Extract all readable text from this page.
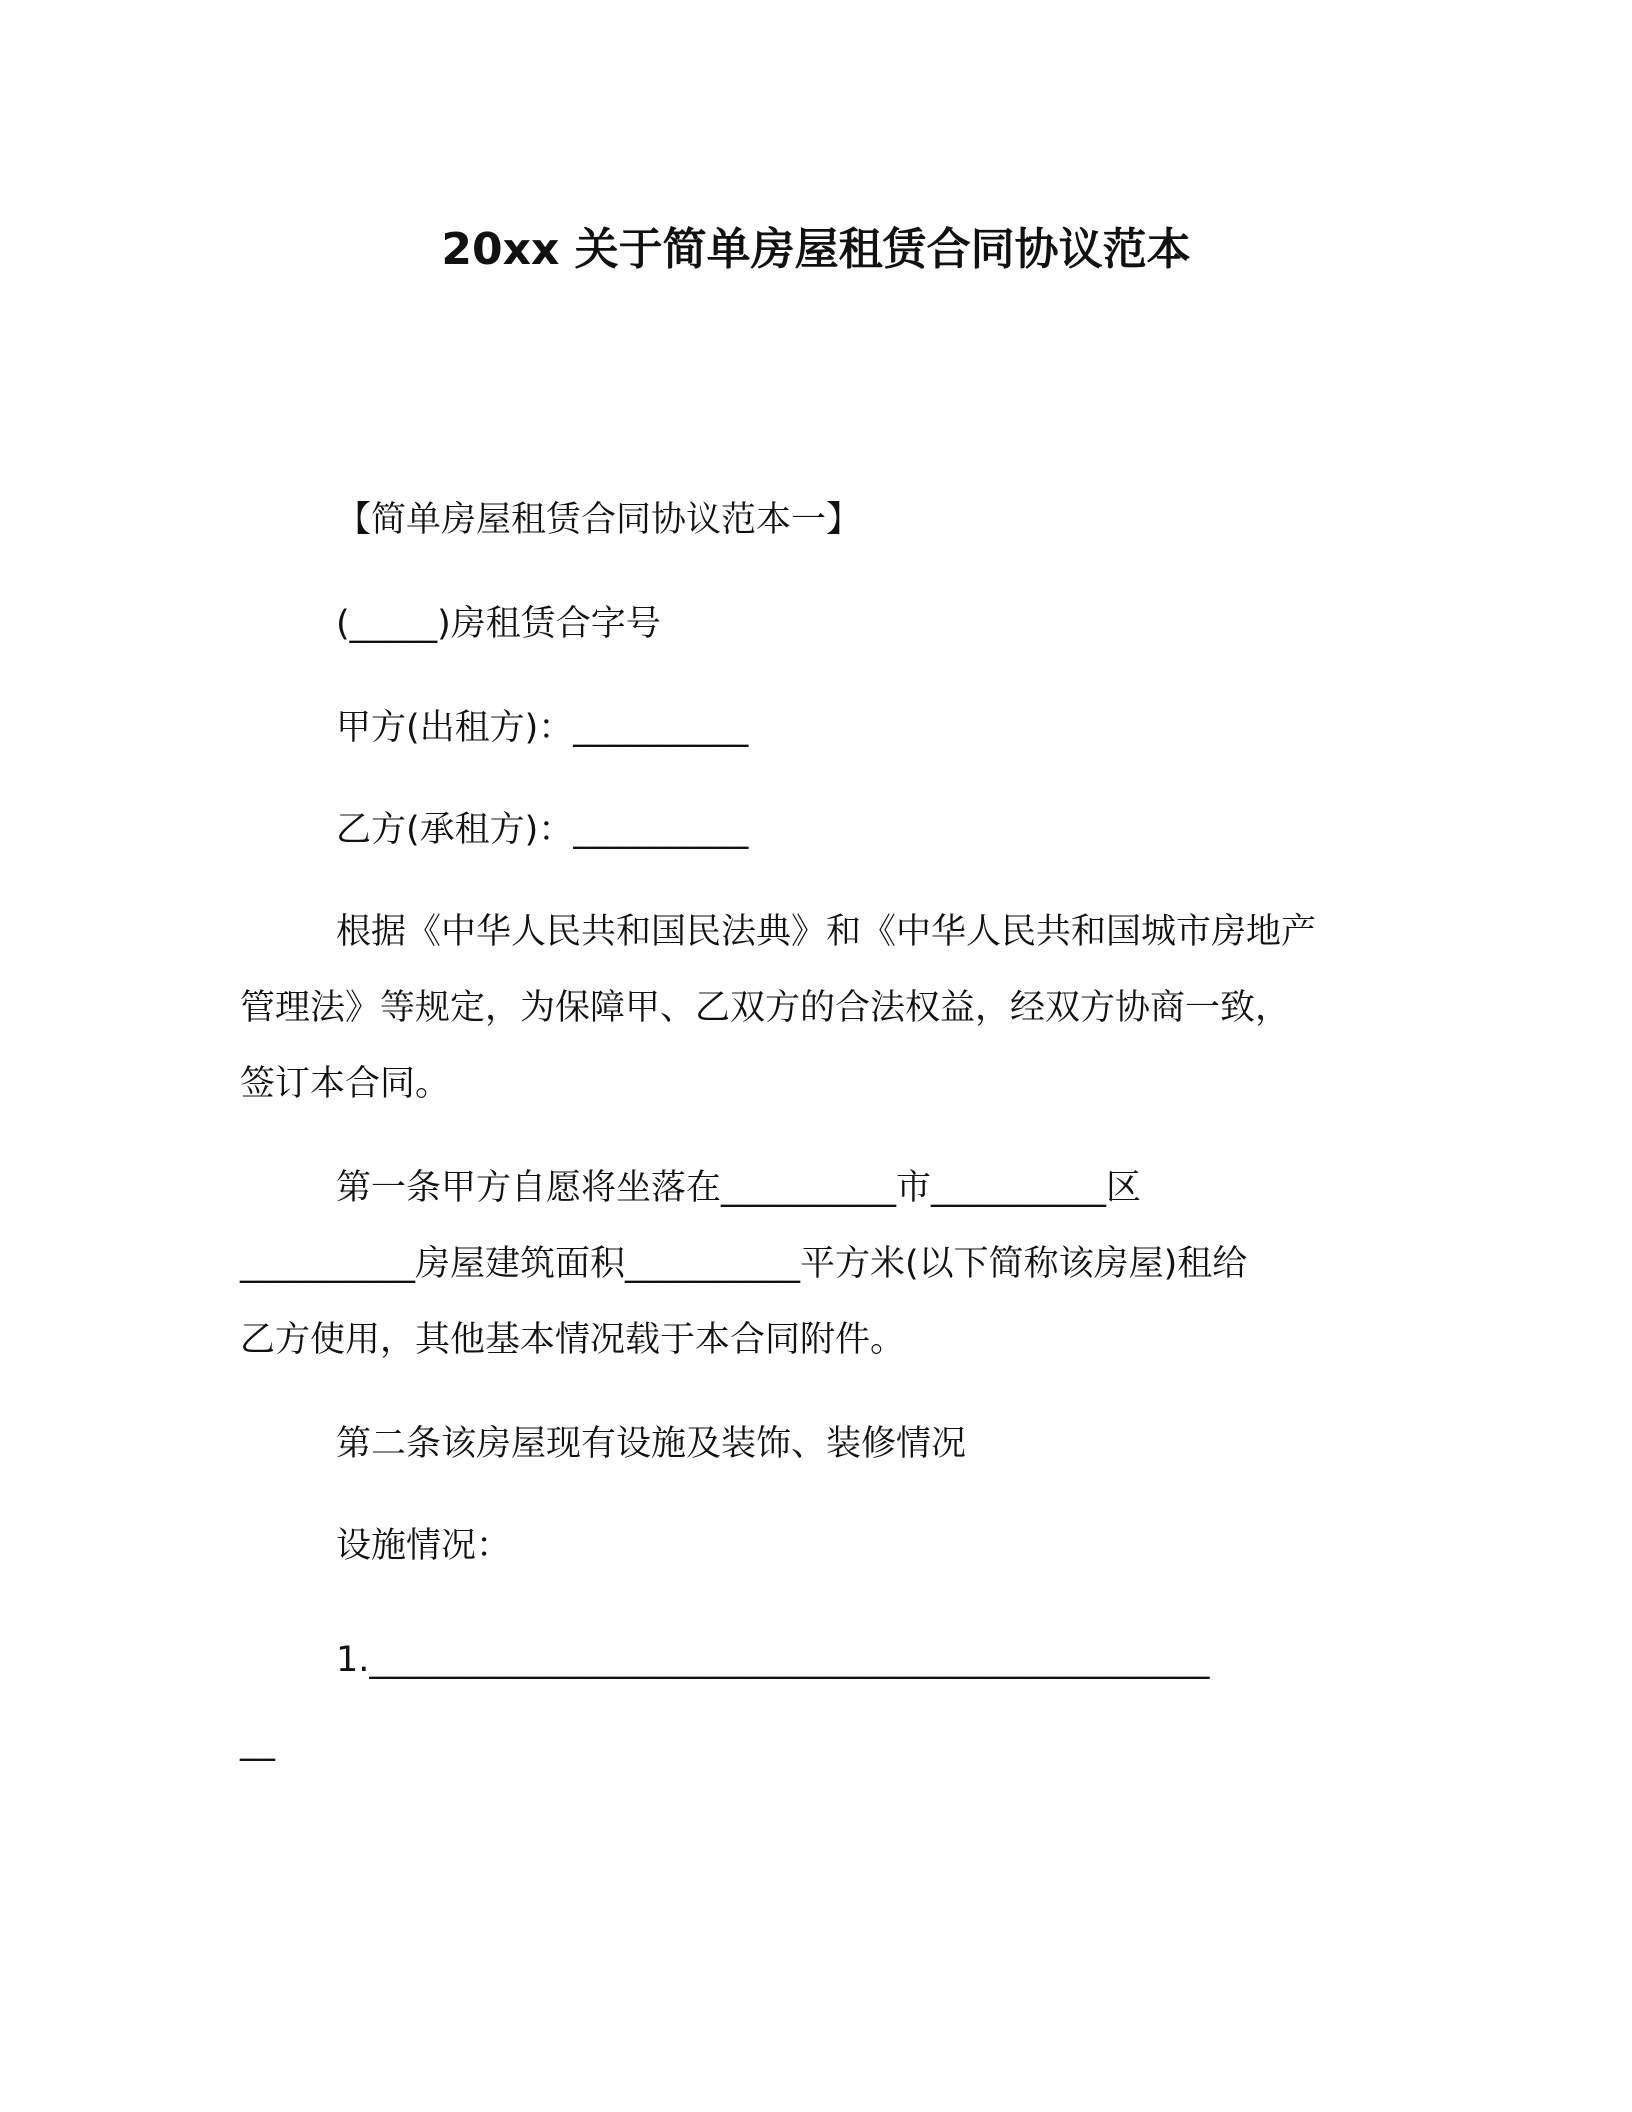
20xx 关于简单房屋租赁合同协议范本
【简单房屋租赁合同协议范本一】
(_____)房租赁合字号
甲方(出租方)：__________
乙方(承租方)：__________
根据《中华人民共和国民法典》和《中华人民共和国城市房地产
管理法》等规定，为保障甲、乙双方的合法权益，经双方协商一致，
签订本合同。
第一条甲方自愿将坐落在__________市__________区
__________房屋建筑面积__________平方米(以下简称该房屋)租给
乙方使用，其他基本情况载于本合同附件。
第二条该房屋现有设施及装饰、装修情况
设施情况：
1.________________________________________________
__
